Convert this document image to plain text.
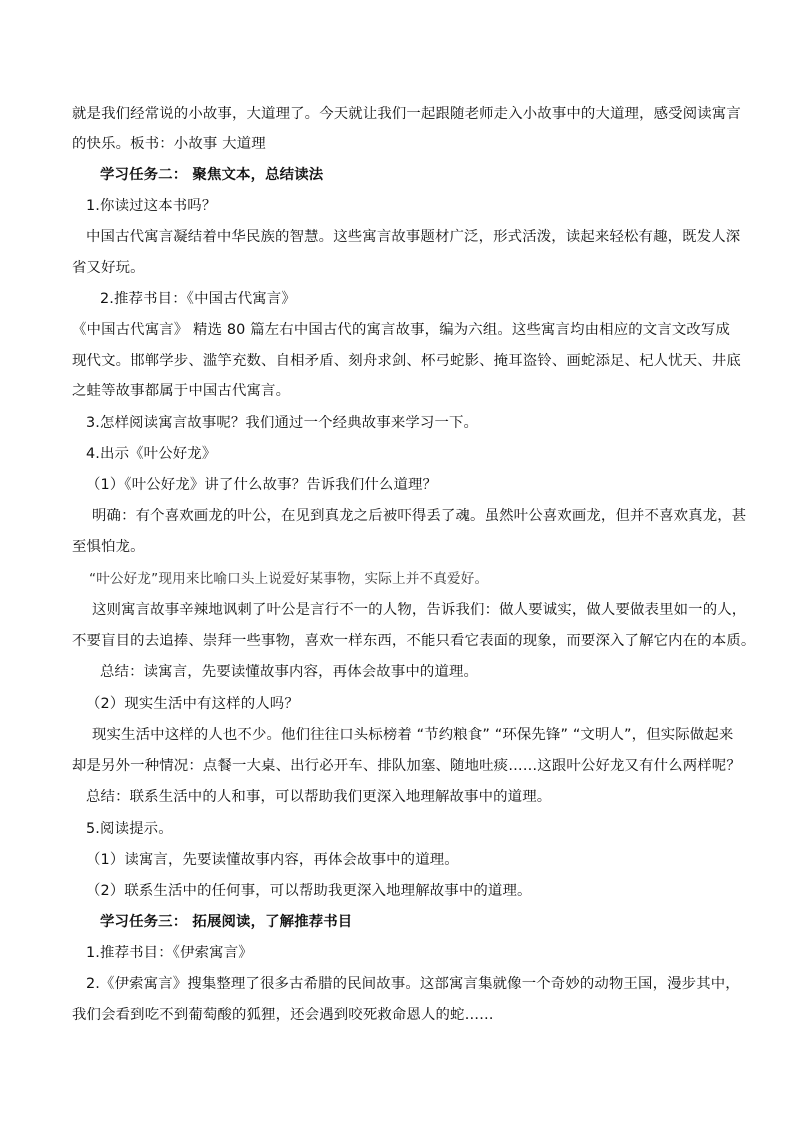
就是我们经常说的小故事，大道理了。今天就让我们一起跟随老师走入小故事中的大道理，感受阅读寓言
的快乐。板书：小故事 大道理
学习任务二： 聚焦文本，总结读法
1.你读过这本书吗？
中国古代寓言凝结着中华民族的智慧。这些寓言故事题材广泛，形式活泼，读起来轻松有趣，既发人深
省又好玩。
2.推荐书目：《中国古代寓言》
《中国古代寓言》 精选 80 篇左右中国古代的寓言故事，编为六组。这些寓言均由相应的文言文改写成
现代文。邯郸学步、滥竽充数、自相矛盾、刻舟求剑、杯弓蛇影、掩耳盗铃、画蛇添足、杞人忧天、井底
之蛙等故事都属于中国古代寓言。
3.怎样阅读寓言故事呢？我们通过一个经典故事来学习一下。
4.出示《叶公好龙》
（1）《叶公好龙》讲了什么故事？告诉我们什么道理？
明确：有个喜欢画龙的叶公，在见到真龙之后被吓得丢了魂。虽然叶公喜欢画龙，但并不喜欢真龙，甚
至惧怕龙。
“叶公好龙”现用来比喻口头上说爱好某事物，实际上并不真爱好。
这则寓言故事辛辣地讽刺了叶公是言行不一的人物，告诉我们：做人要诚实，做人要做表里如一的人，
不要盲目的去追捧、崇拜一些事物，喜欢一样东西，不能只看它表面的现象，而要深入了解它内在的本质。
总结：读寓言，先要读懂故事内容，再体会故事中的道理。
（2）现实生活中有这样的人吗？
现实生活中这样的人也不少。他们往往口头标榜着 “节约粮食” “环保先锋” “文明人”，但实际做起来
却是另外一种情况：点餐一大桌、出行必开车、排队加塞、随地吐痰……这跟叶公好龙又有什么两样呢？
总结：联系生活中的人和事，可以帮助我们更深入地理解故事中的道理。
5.阅读提示。
（1）读寓言，先要读懂故事内容，再体会故事中的道理。
（2）联系生活中的任何事，可以帮助我更深入地理解故事中的道理。
学习任务三： 拓展阅读，了解推荐书目
1.推荐书目：《伊索寓言》
2.《伊索寓言》搜集整理了很多古希腊的民间故事。这部寓言集就像一个奇妙的动物王国，漫步其中，
我们会看到吃不到葡萄酸的狐狸，还会遇到咬死救命恩人的蛇……
